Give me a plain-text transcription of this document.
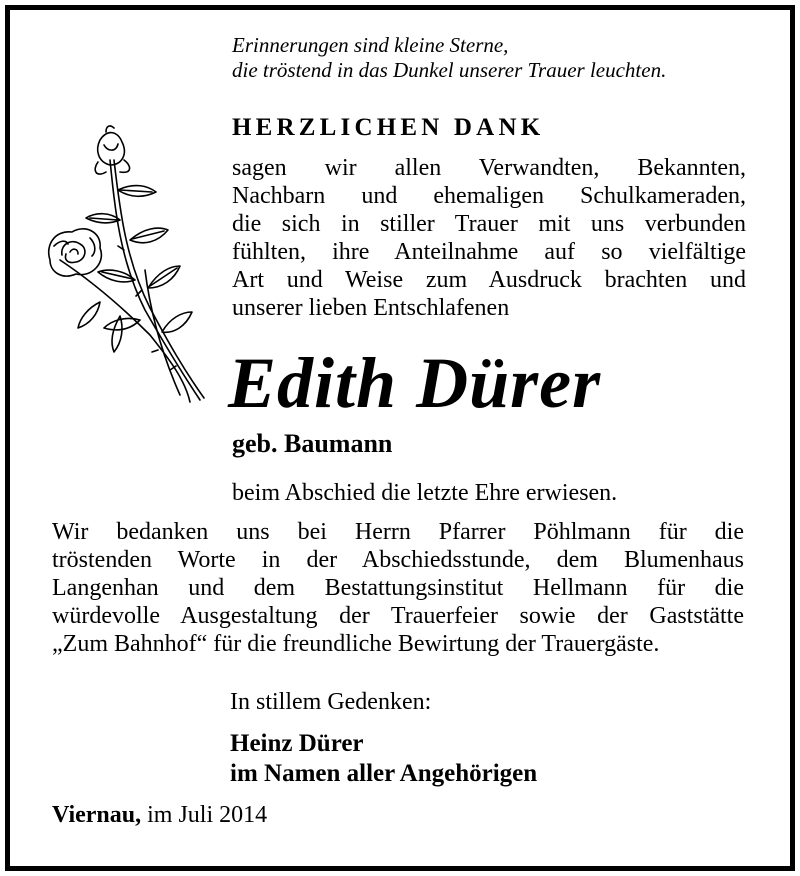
Erinnerungen sind kleine Sterne,
die tröstend in das Dunkel unserer Trauer leuchten.
HERZLICHEN DANK
sagen wir allen Verwandten, Bekannten,
Nachbarn und ehemaligen Schulkameraden,
die sich in stiller Trauer mit uns verbunden
fühlten, ihre Anteilnahme auf so vielfältige
Art und Weise zum Ausdruck brachten und
unserer lieben Entschlafenen
Edith Dürer
geb. Baumann
beim Abschied die letzte Ehre erwiesen.
Wir bedanken uns bei Herrn Pfarrer Pöhlmann für die
tröstenden Worte in der Abschiedsstunde, dem Blumenhaus
Langenhan und dem Bestattungsinstitut Hellmann für die
würdevolle Ausgestaltung der Trauerfeier sowie der Gaststätte
„Zum Bahnhof“ für die freundliche Bewirtung der Trauergäste.
In stillem Gedenken:
Heinz Dürer
im Namen aller Angehörigen
Viernau, im Juli 2014
